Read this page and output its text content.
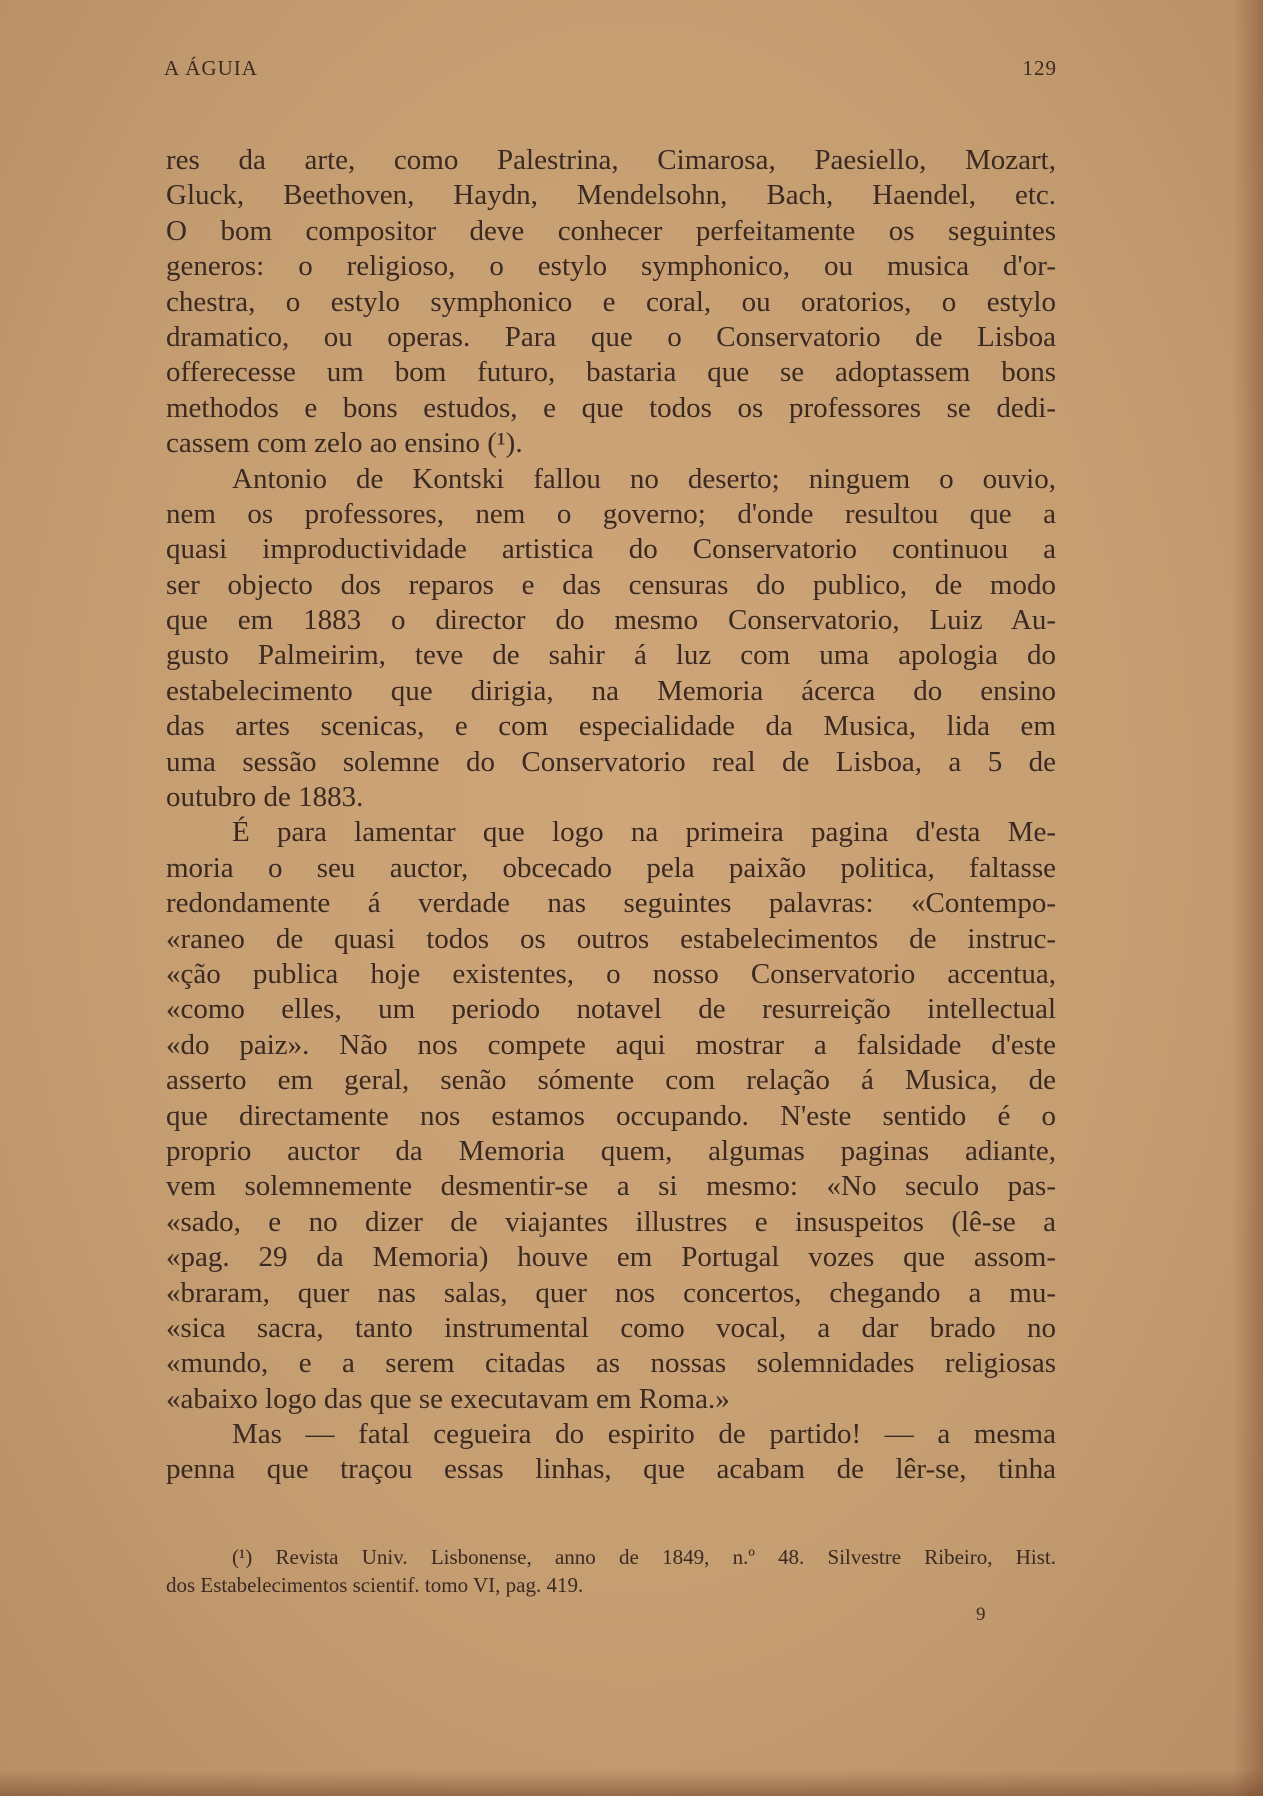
A ÁGUIA	129
res da arte, como Palestrina, Cimarosa, Paesiello, Mozart,
Gluck, Beethoven, Haydn, Mendelsohn, Bach, Haendel, etc.
O bom compositor deve conhecer perfeitamente os seguintes
generos: o religioso, o estylo symphonico, ou musica d'or-
chestra, o estylo symphonico e coral, ou oratorios, o estylo
dramatico, ou operas. Para que o Conservatorio de Lisboa
offerecesse um bom futuro, bastaria que se adoptassem bons
methodos e bons estudos, e que todos os professores se dedi-
cassem com zelo ao ensino (¹).
Antonio de Kontski fallou no deserto; ninguem o ouvio,
nem os professores, nem o governo; d'onde resultou que a
quasi improductividade artistica do Conservatorio continuou a
ser objecto dos reparos e das censuras do publico, de modo
que em 1883 o director do mesmo Conservatorio, Luiz Au-
gusto Palmeirim, teve de sahir á luz com uma apologia do
estabelecimento que dirigia, na Memoria ácerca do ensino
das artes scenicas, e com especialidade da Musica, lida em
uma sessão solemne do Conservatorio real de Lisboa, a 5 de
outubro de 1883.
É para lamentar que logo na primeira pagina d'esta Me-
moria o seu auctor, obcecado pela paixão politica, faltasse
redondamente á verdade nas seguintes palavras: «Contempo-
«raneo de quasi todos os outros estabelecimentos de instruc-
«ção publica hoje existentes, o nosso Conservatorio accentua,
«como elles, um periodo notavel de resurreição intellectual
«do paiz». Não nos compete aqui mostrar a falsidade d'este
asserto em geral, senão sómente com relação á Musica, de
que directamente nos estamos occupando. N'este sentido é o
proprio auctor da Memoria quem, algumas paginas adiante,
vem solemnemente desmentir-se a si mesmo: «No seculo pas-
«sado, e no dizer de viajantes illustres e insuspeitos (lê-se a
«pag. 29 da Memoria) houve em Portugal vozes que assom-
«braram, quer nas salas, quer nos concertos, chegando a mu-
«sica sacra, tanto instrumental como vocal, a dar brado no
«mundo, e a serem citadas as nossas solemnidades religiosas
«abaixo logo das que se executavam em Roma.»
Mas — fatal cegueira do espirito de partido! — a mesma
penna que traçou essas linhas, que acabam de lêr-se, tinha
(¹) Revista Univ. Lisbonense, anno de 1849, n.º 48. Silvestre Ribeiro, Hist.
dos Estabelecimentos scientif. tomo VI, pag. 419.
9
